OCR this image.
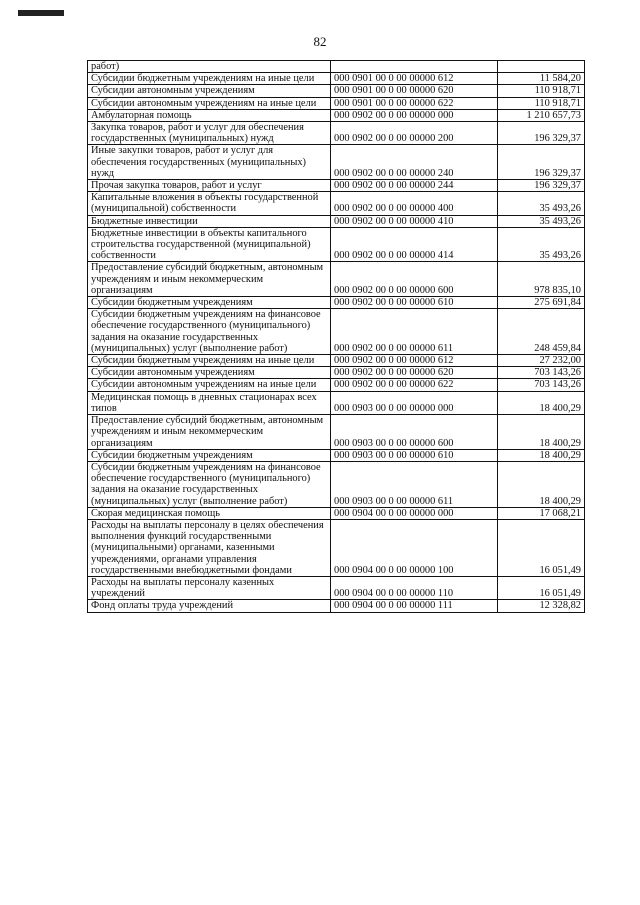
82
работ)		
Субсидии бюджетным учреждениям на иные цели	000 0901 00 0 00 00000 612	11 584,20
Субсидии автономным учреждениям	000 0901 00 0 00 00000 620	110 918,71
Субсидии автономным учреждениям на иные цели	000 0901 00 0 00 00000 622	110 918,71
Амбулаторная помощь	000 0902 00 0 00 00000 000	1 210 657,73
Закупка товаров, работ и услуг для обеспечения государственных (муниципальных) нужд	000 0902 00 0 00 00000 200	196 329,37
Иные закупки товаров, работ и услуг для обеспечения государственных (муниципальных) нужд	000 0902 00 0 00 00000 240	196 329,37
Прочая закупка товаров, работ и услуг	000 0902 00 0 00 00000 244	196 329,37
Капитальные вложения в объекты государственной (муниципальной) собственности	000 0902 00 0 00 00000 400	35 493,26
Бюджетные инвестиции	000 0902 00 0 00 00000 410	35 493,26
Бюджетные инвестиции в объекты капитального строительства государственной (муниципальной) собственности	000 0902 00 0 00 00000 414	35 493,26
Предоставление субсидий бюджетным, автономным учреждениям и иным некоммерческим организациям	000 0902 00 0 00 00000 600	978 835,10
Субсидии бюджетным учреждениям	000 0902 00 0 00 00000 610	275 691,84
Субсидии бюджетным учреждениям на финансовое обеспечение государственного (муниципального) задания на оказание государственных (муниципальных) услуг (выполнение работ)	000 0902 00 0 00 00000 611	248 459,84
Субсидии бюджетным учреждениям на иные цели	000 0902 00 0 00 00000 612	27 232,00
Субсидии автономным учреждениям	000 0902 00 0 00 00000 620	703 143,26
Субсидии автономным учреждениям на иные цели	000 0902 00 0 00 00000 622	703 143,26
Медицинская помощь в дневных стационарах всех типов	000 0903 00 0 00 00000 000	18 400,29
Предоставление субсидий бюджетным, автономным учреждениям и иным некоммерческим организациям	000 0903 00 0 00 00000 600	18 400,29
Субсидии бюджетным учреждениям	000 0903 00 0 00 00000 610	18 400,29
Субсидии бюджетным учреждениям на финансовое обеспечение государственного (муниципального) задания на оказание государственных (муниципальных) услуг (выполнение работ)	000 0903 00 0 00 00000 611	18 400,29
Скорая медицинская помощь	000 0904 00 0 00 00000 000	17 068,21
Расходы на выплаты персоналу в целях обеспечения выполнения функций государственными (муниципальными) органами, казенными учреждениями, органами управления государственными внебюджетными фондами	000 0904 00 0 00 00000 100	16 051,49
Расходы на выплаты персоналу казенных учреждений	000 0904 00 0 00 00000 110	16 051,49
Фонд оплаты труда учреждений	000 0904 00 0 00 00000 111	12 328,82
